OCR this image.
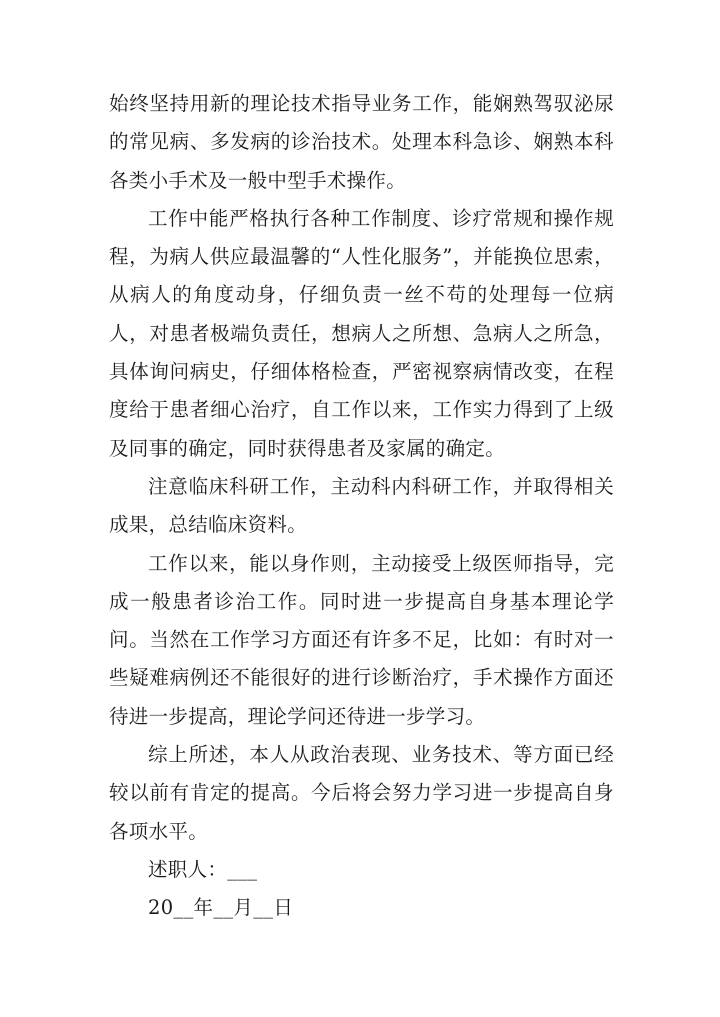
始终坚持用新的理论技术指导业务工作，能娴熟驾驭泌尿的常见病、多发病的诊治技术。处理本科急诊、娴熟本科各类小手术及一般中型手术操作。

工作中能严格执行各种工作制度、诊疗常规和操作规程，为病人供应最温馨的“人性化服务”，并能换位思索，从病人的角度动身，仔细负责一丝不苟的处理每一位病人，对患者极端负责任，想病人之所想、急病人之所急，具体询问病史，仔细体格检查，严密视察病情改变，在程度给于患者细心治疗，自工作以来，工作实力得到了上级及同事的确定，同时获得患者及家属的确定。

注意临床科研工作，主动科内科研工作，并取得相关成果，总结临床资料。

工作以来，能以身作则，主动接受上级医师指导，完成一般患者诊治工作。同时进一步提高自身基本理论学问。当然在工作学习方面还有许多不足，比如：有时对一些疑难病例还不能很好的进行诊断治疗，手术操作方面还待进一步提高，理论学问还待进一步学习。

综上所述，本人从政治表现、业务技术、等方面已经较以前有肯定的提高。今后将会努力学习进一步提高自身各项水平。

述职人：___

20__年__月__日
